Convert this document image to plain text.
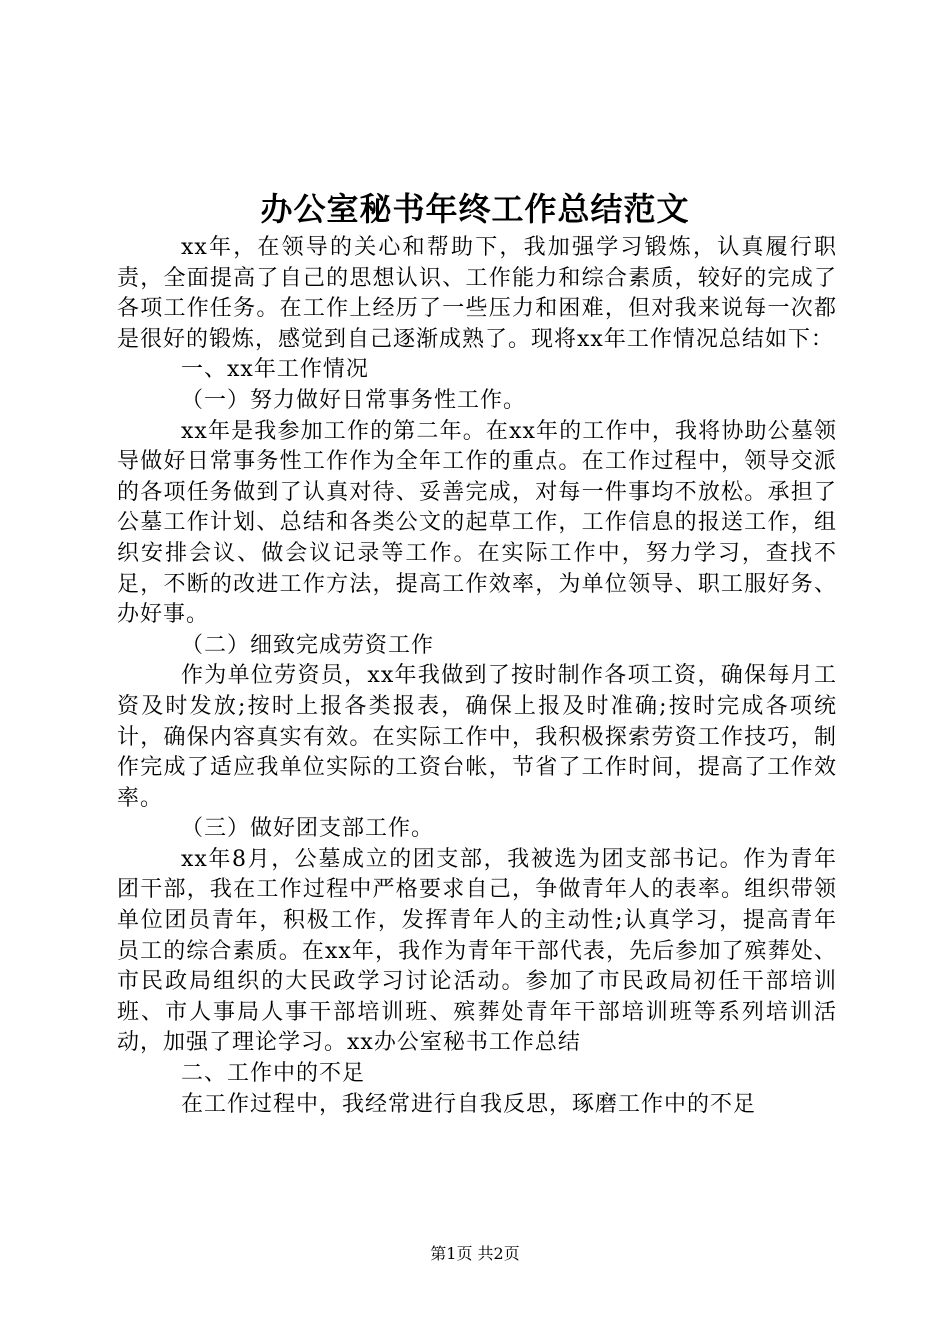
办公室秘书年终工作总结范文

xx年，在领导的关心和帮助下，我加强学习锻炼，认真履行职责，全面提高了自己的思想认识、工作能力和综合素质，较好的完成了各项工作任务。在工作上经历了一些压力和困难，但对我来说每一次都是很好的锻炼，感觉到自己逐渐成熟了。现将xx年工作情况总结如下：

一、xx年工作情况

（一）努力做好日常事务性工作。

xx年是我参加工作的第二年。在xx年的工作中，我将协助公墓领导做好日常事务性工作作为全年工作的重点。在工作过程中，领导交派的各项任务做到了认真对待、妥善完成，对每一件事均不放松。承担了公墓工作计划、总结和各类公文的起草工作，工作信息的报送工作，组织安排会议、做会议记录等工作。在实际工作中，努力学习，查找不足，不断的改进工作方法，提高工作效率，为单位领导、职工服好务、办好事。

（二）细致完成劳资工作

作为单位劳资员，xx年我做到了按时制作各项工资，确保每月工资及时发放;按时上报各类报表，确保上报及时准确;按时完成各项统计，确保内容真实有效。在实际工作中，我积极探索劳资工作技巧，制作完成了适应我单位实际的工资台帐，节省了工作时间，提高了工作效率。

（三）做好团支部工作。

xx年8月，公墓成立的团支部，我被选为团支部书记。作为青年团干部，我在工作过程中严格要求自己，争做青年人的表率。组织带领单位团员青年，积极工作，发挥青年人的主动性;认真学习，提高青年员工的综合素质。在xx年，我作为青年干部代表，先后参加了殡葬处、市民政局组织的大民政学习讨论活动。参加了市民政局初任干部培训班、市人事局人事干部培训班、殡葬处青年干部培训班等系列培训活动，加强了理论学习。xx办公室秘书工作总结

二、工作中的不足

在工作过程中，我经常进行自我反思，琢磨工作中的不足

第1页 共2页
